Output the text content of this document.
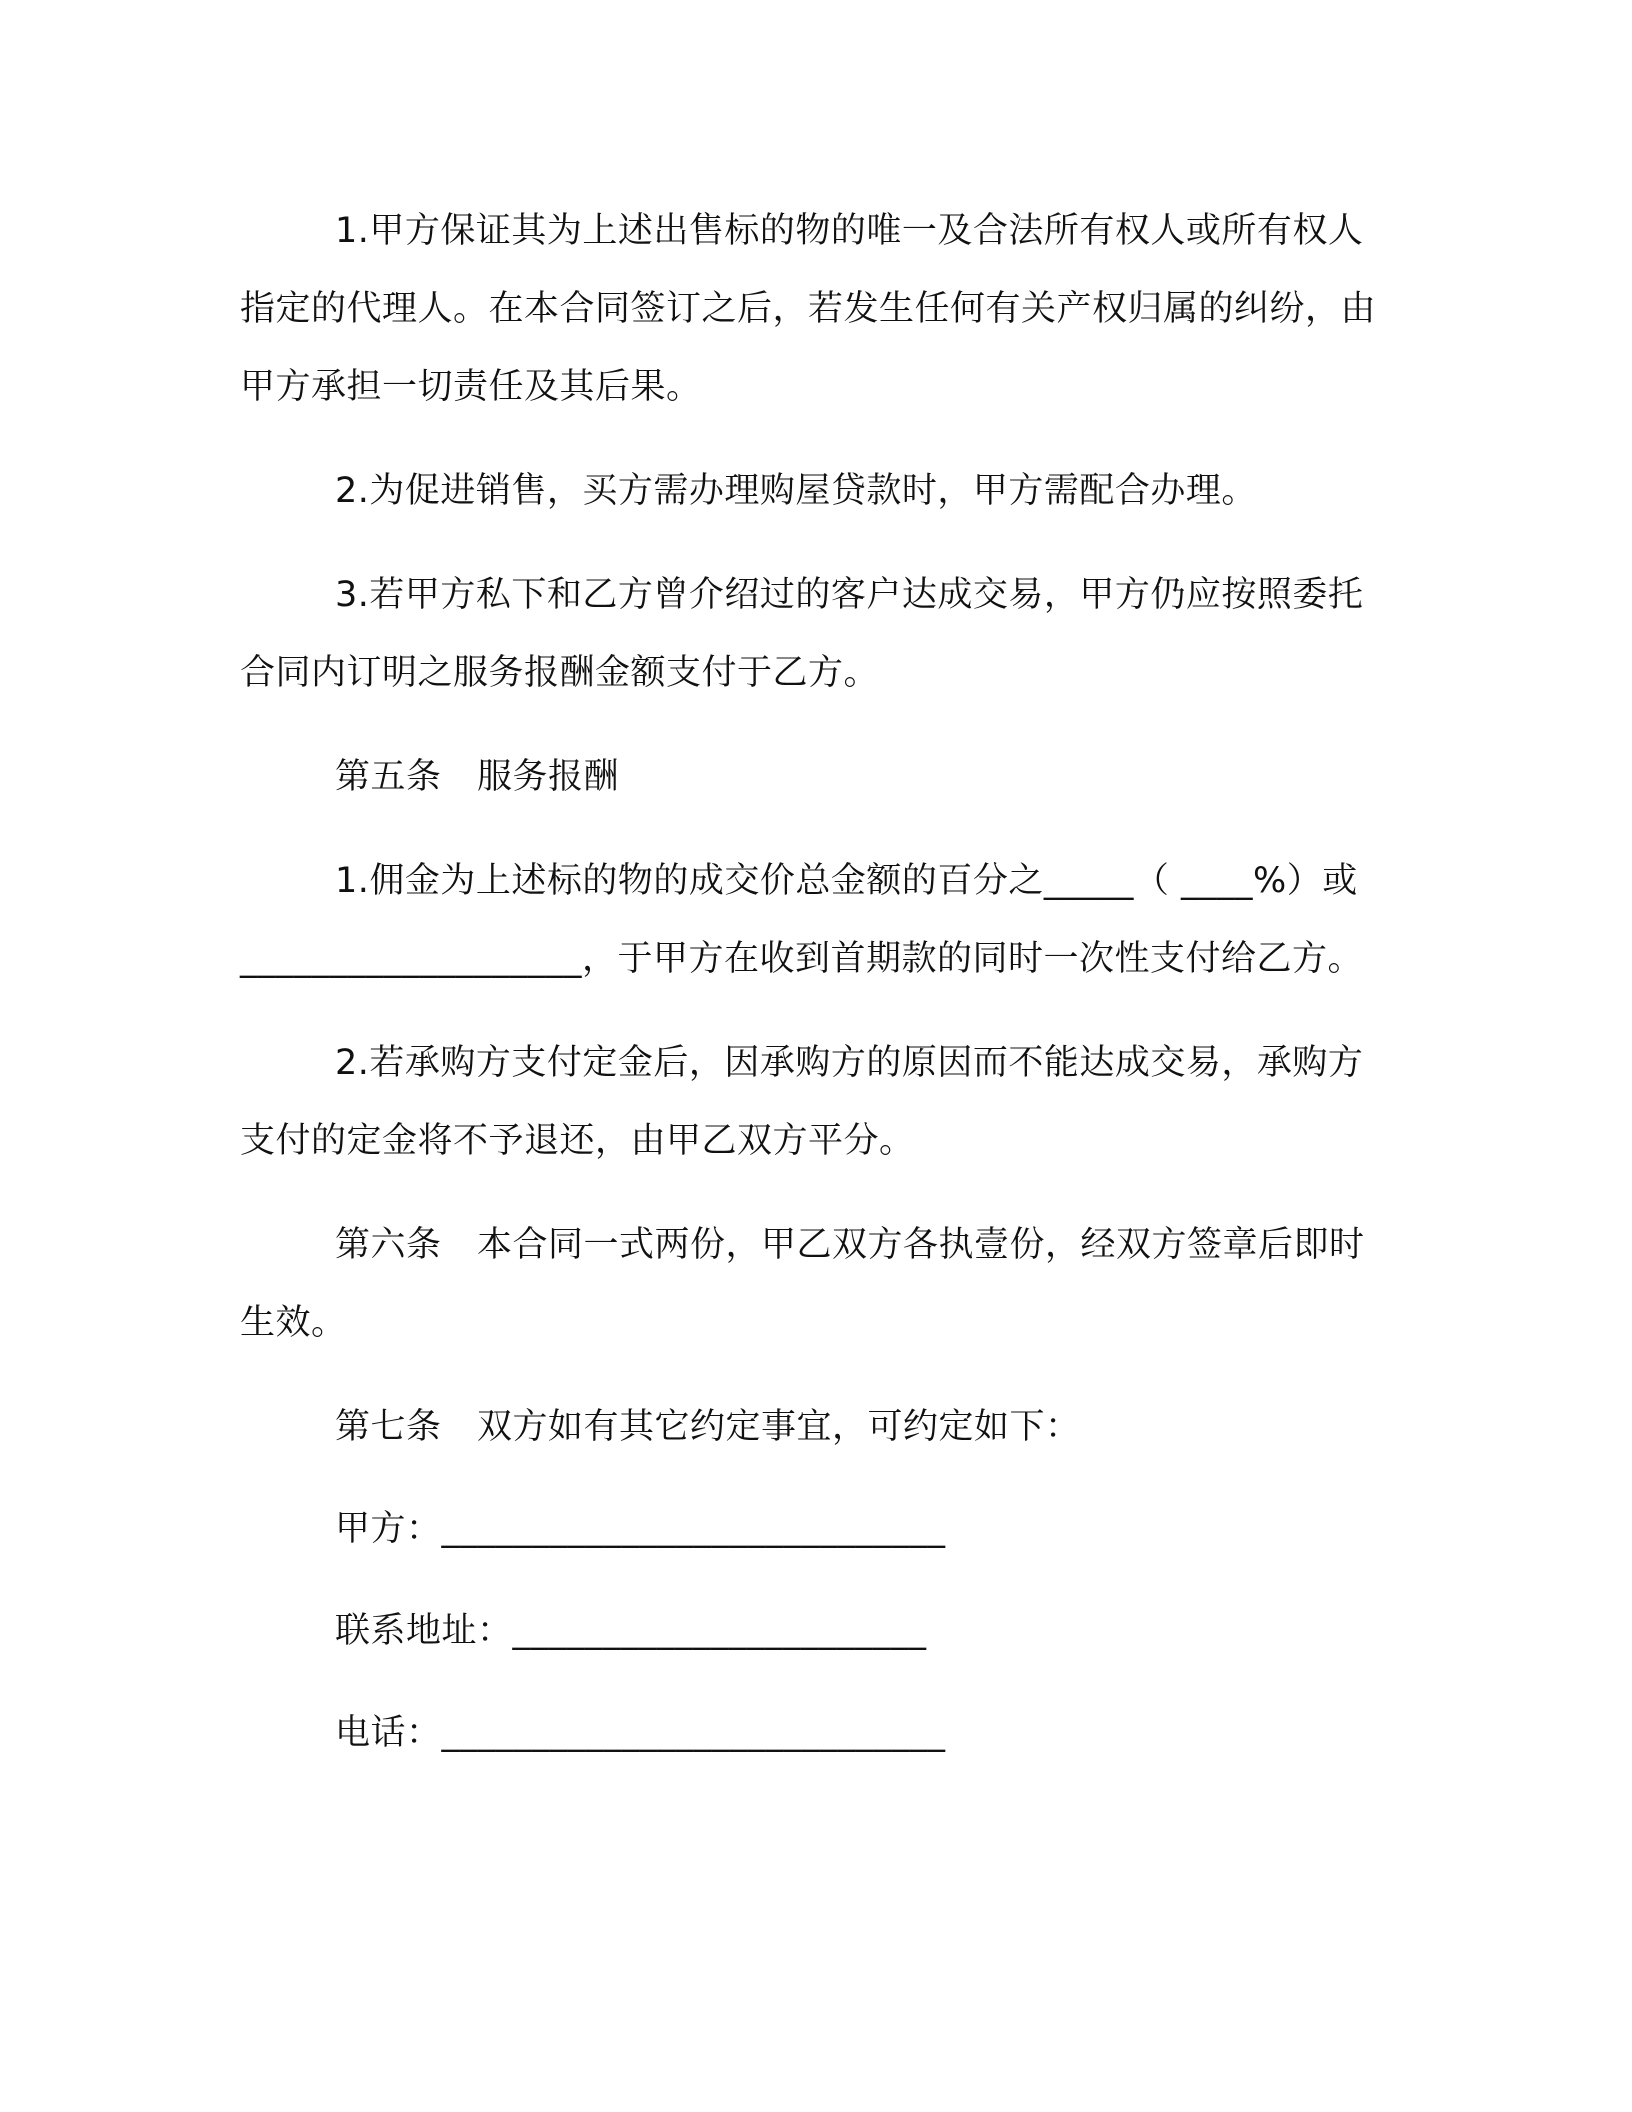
1.甲方保证其为上述出售标的物的唯一及合法所有权人或所有权人指定的代理人。在本合同签订之后，若发生任何有关产权归属的纠纷，由甲方承担一切责任及其后果。

2.为促进销售，买方需办理购屋贷款时，甲方需配合办理。

3.若甲方私下和乙方曾介绍过的客户达成交易，甲方仍应按照委托合同内订明之服务报酬金额支付于乙方。

第五条　服务报酬

1.佣金为上述标的物的成交价总金额的百分之_____（ ____%）或___________________，于甲方在收到首期款的同时一次性支付给乙方。

2.若承购方支付定金后，因承购方的原因而不能达成交易，承购方支付的定金将不予退还，由甲乙双方平分。

第六条　本合同一式两份，甲乙双方各执壹份，经双方签章后即时生效。

第七条　双方如有其它约定事宜，可约定如下：

甲方：____________________________

联系地址：_______________________

电话：____________________________
